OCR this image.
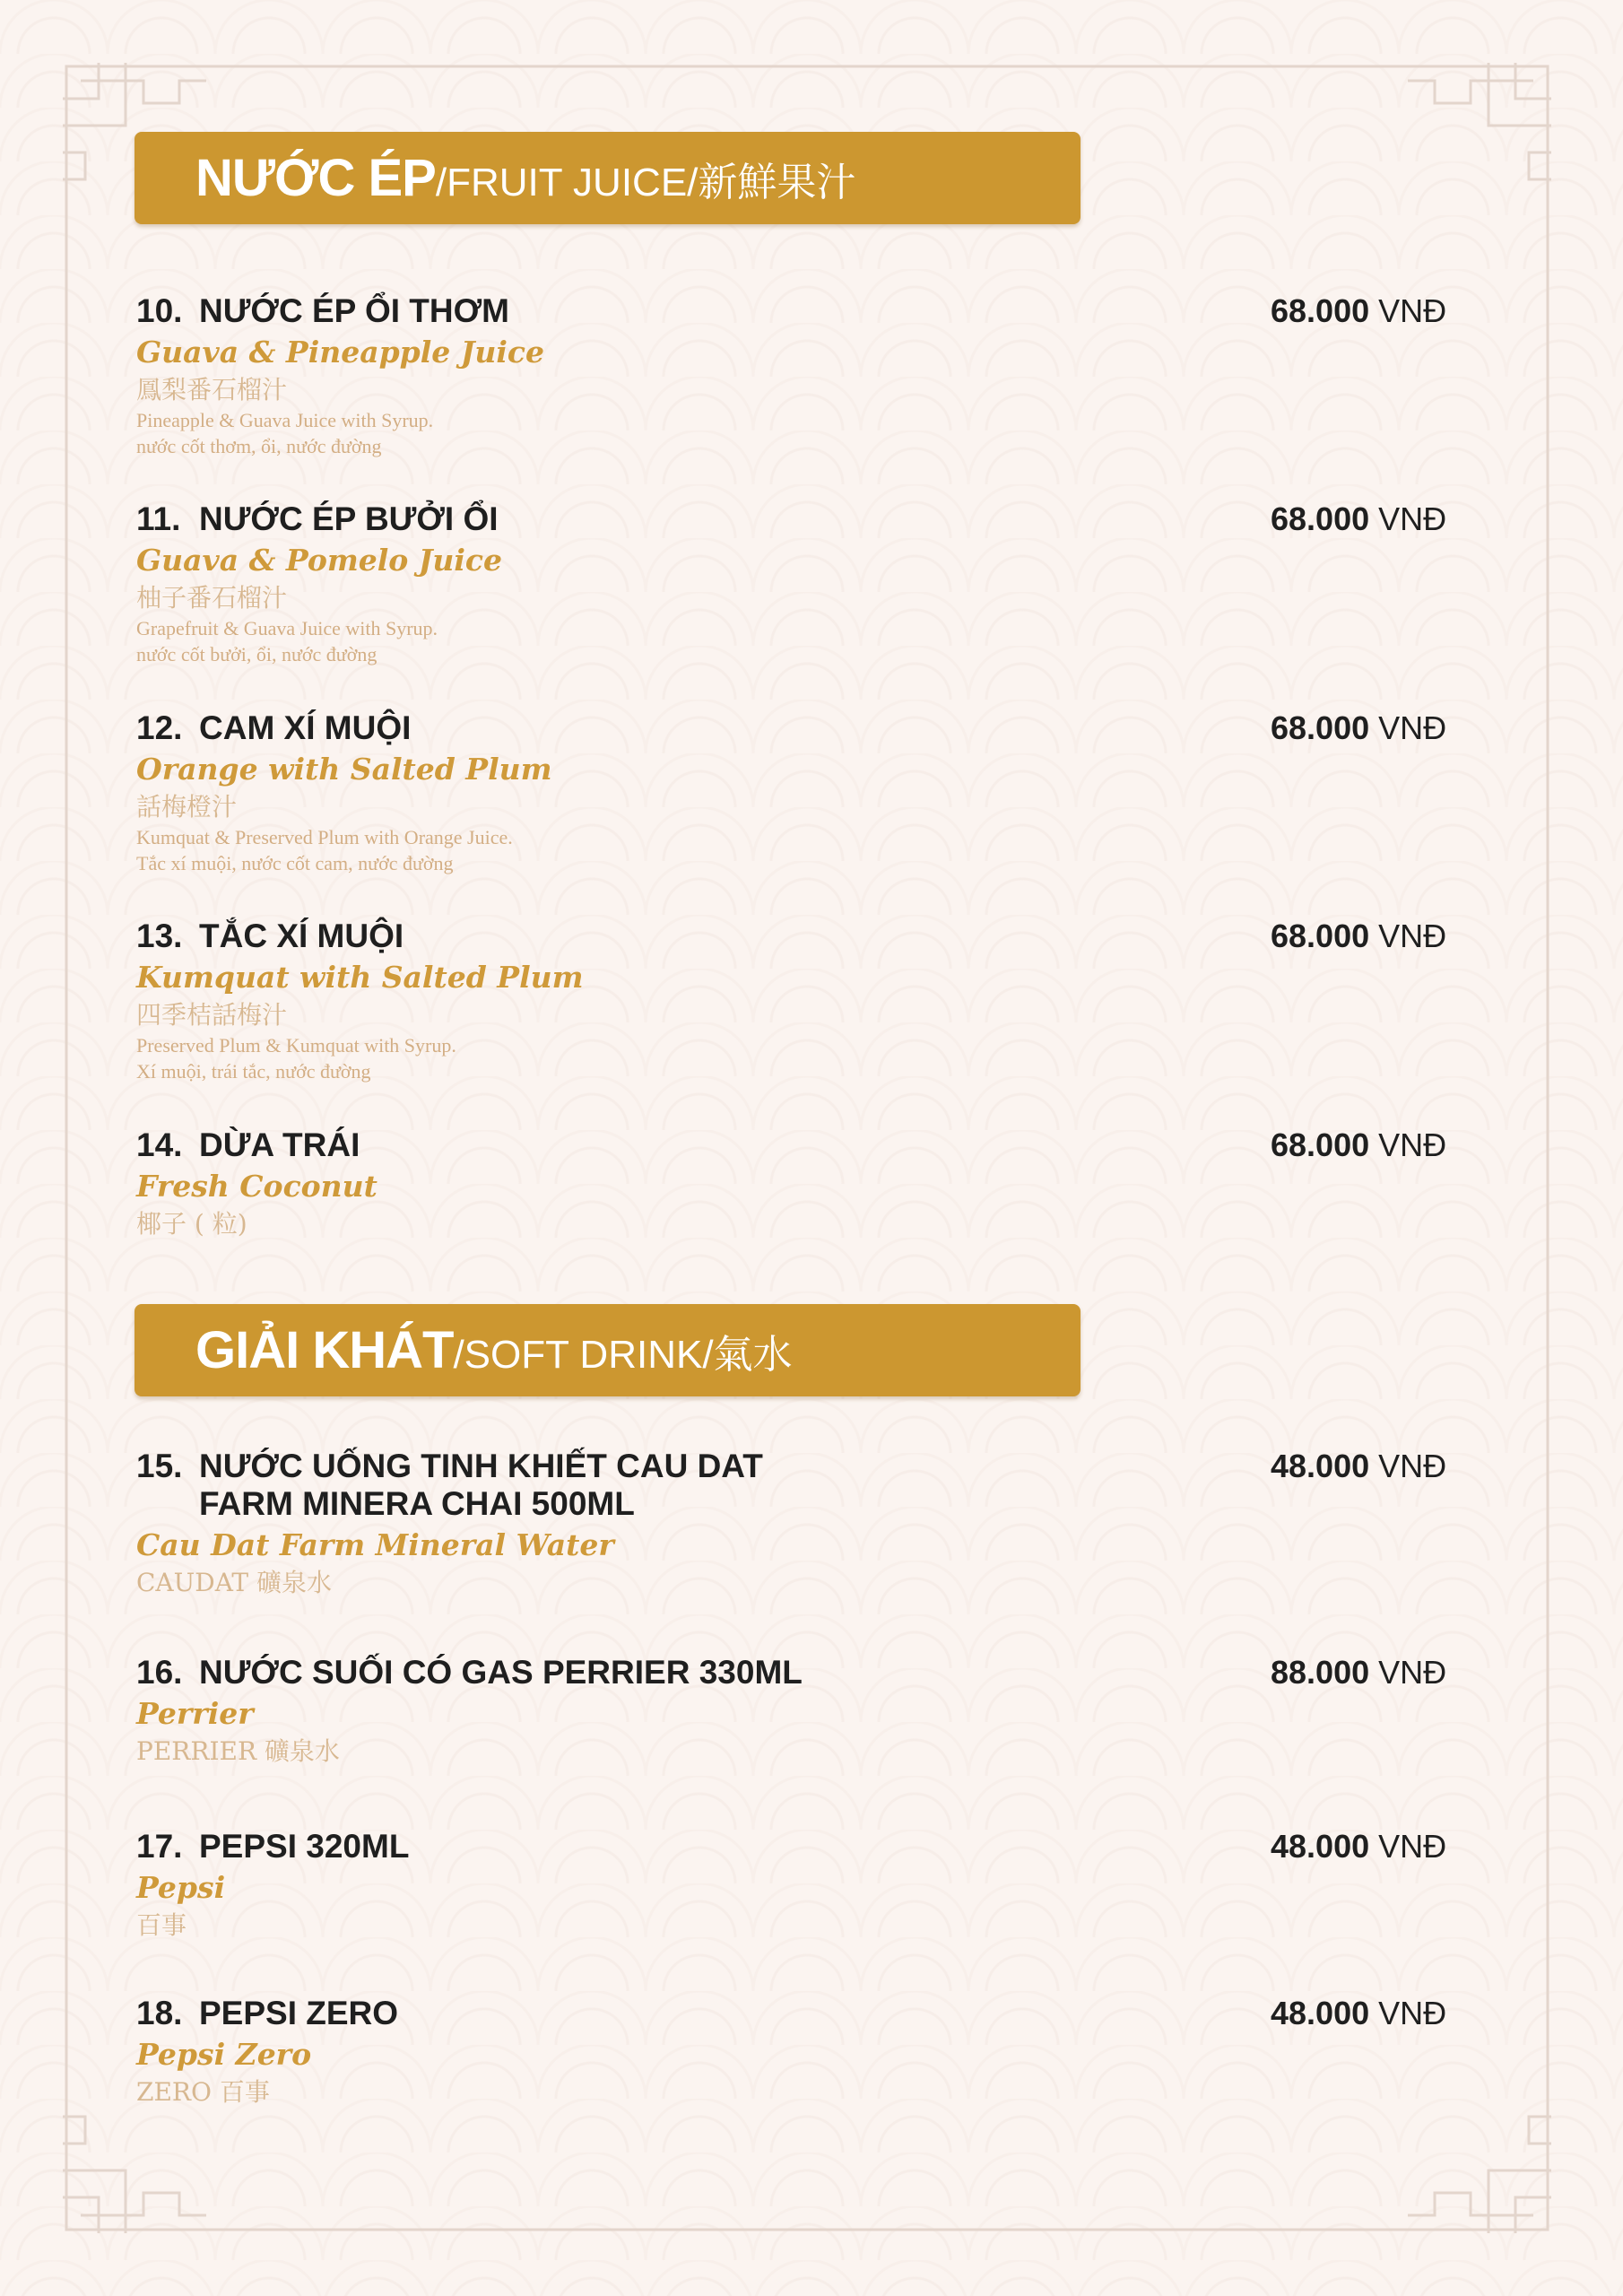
NƯỚC ÉP /FRUIT JUICE/新鮮果汁
10. NƯỚC ÉP ỔI THƠM	68.000 VNĐ
Guava & Pineapple Juice
鳳梨番石榴汁
Pineapple & Guava Juice with Syrup.
nước cốt thơm, ổi, nước đường
11. NƯỚC ÉP BƯỞI ỔI	68.000 VNĐ
Guava & Pomelo Juice
柚子番石榴汁
Grapefruit & Guava Juice with Syrup.
nước cốt bưởi, ổi, nước đường
12. CAM XÍ MUỘI	68.000 VNĐ
Orange with Salted Plum
話梅橙汁
Kumquat & Preserved Plum with Orange Juice.
Tắc xí muội, nước cốt cam, nước đường
13. TẮC XÍ MUỘI	68.000 VNĐ
Kumquat with Salted Plum
四季桔話梅汁
Preserved Plum & Kumquat with Syrup.
Xí muội, trái tắc, nước đường
14. DỪA TRÁI	68.000 VNĐ
Fresh Coconut
椰子 ( 粒)
GIẢI KHÁT /SOFT DRINK/氣水
15. NƯỚC UỐNG TINH KHIẾT CAU DAT FARM MINERA CHAI 500ML
48.000 VNĐ
Cau Dat Farm Mineral Water
CAUDAT 礦泉水
16. NƯỚC SUỐI CÓ GAS PERRIER 330ML	88.000 VNĐ
Perrier
PERRIER 礦泉水
17. PEPSI 320ML	48.000 VNĐ
Pepsi
百事
18. PEPSI ZERO	48.000 VNĐ
Pepsi Zero
ZERO 百事
